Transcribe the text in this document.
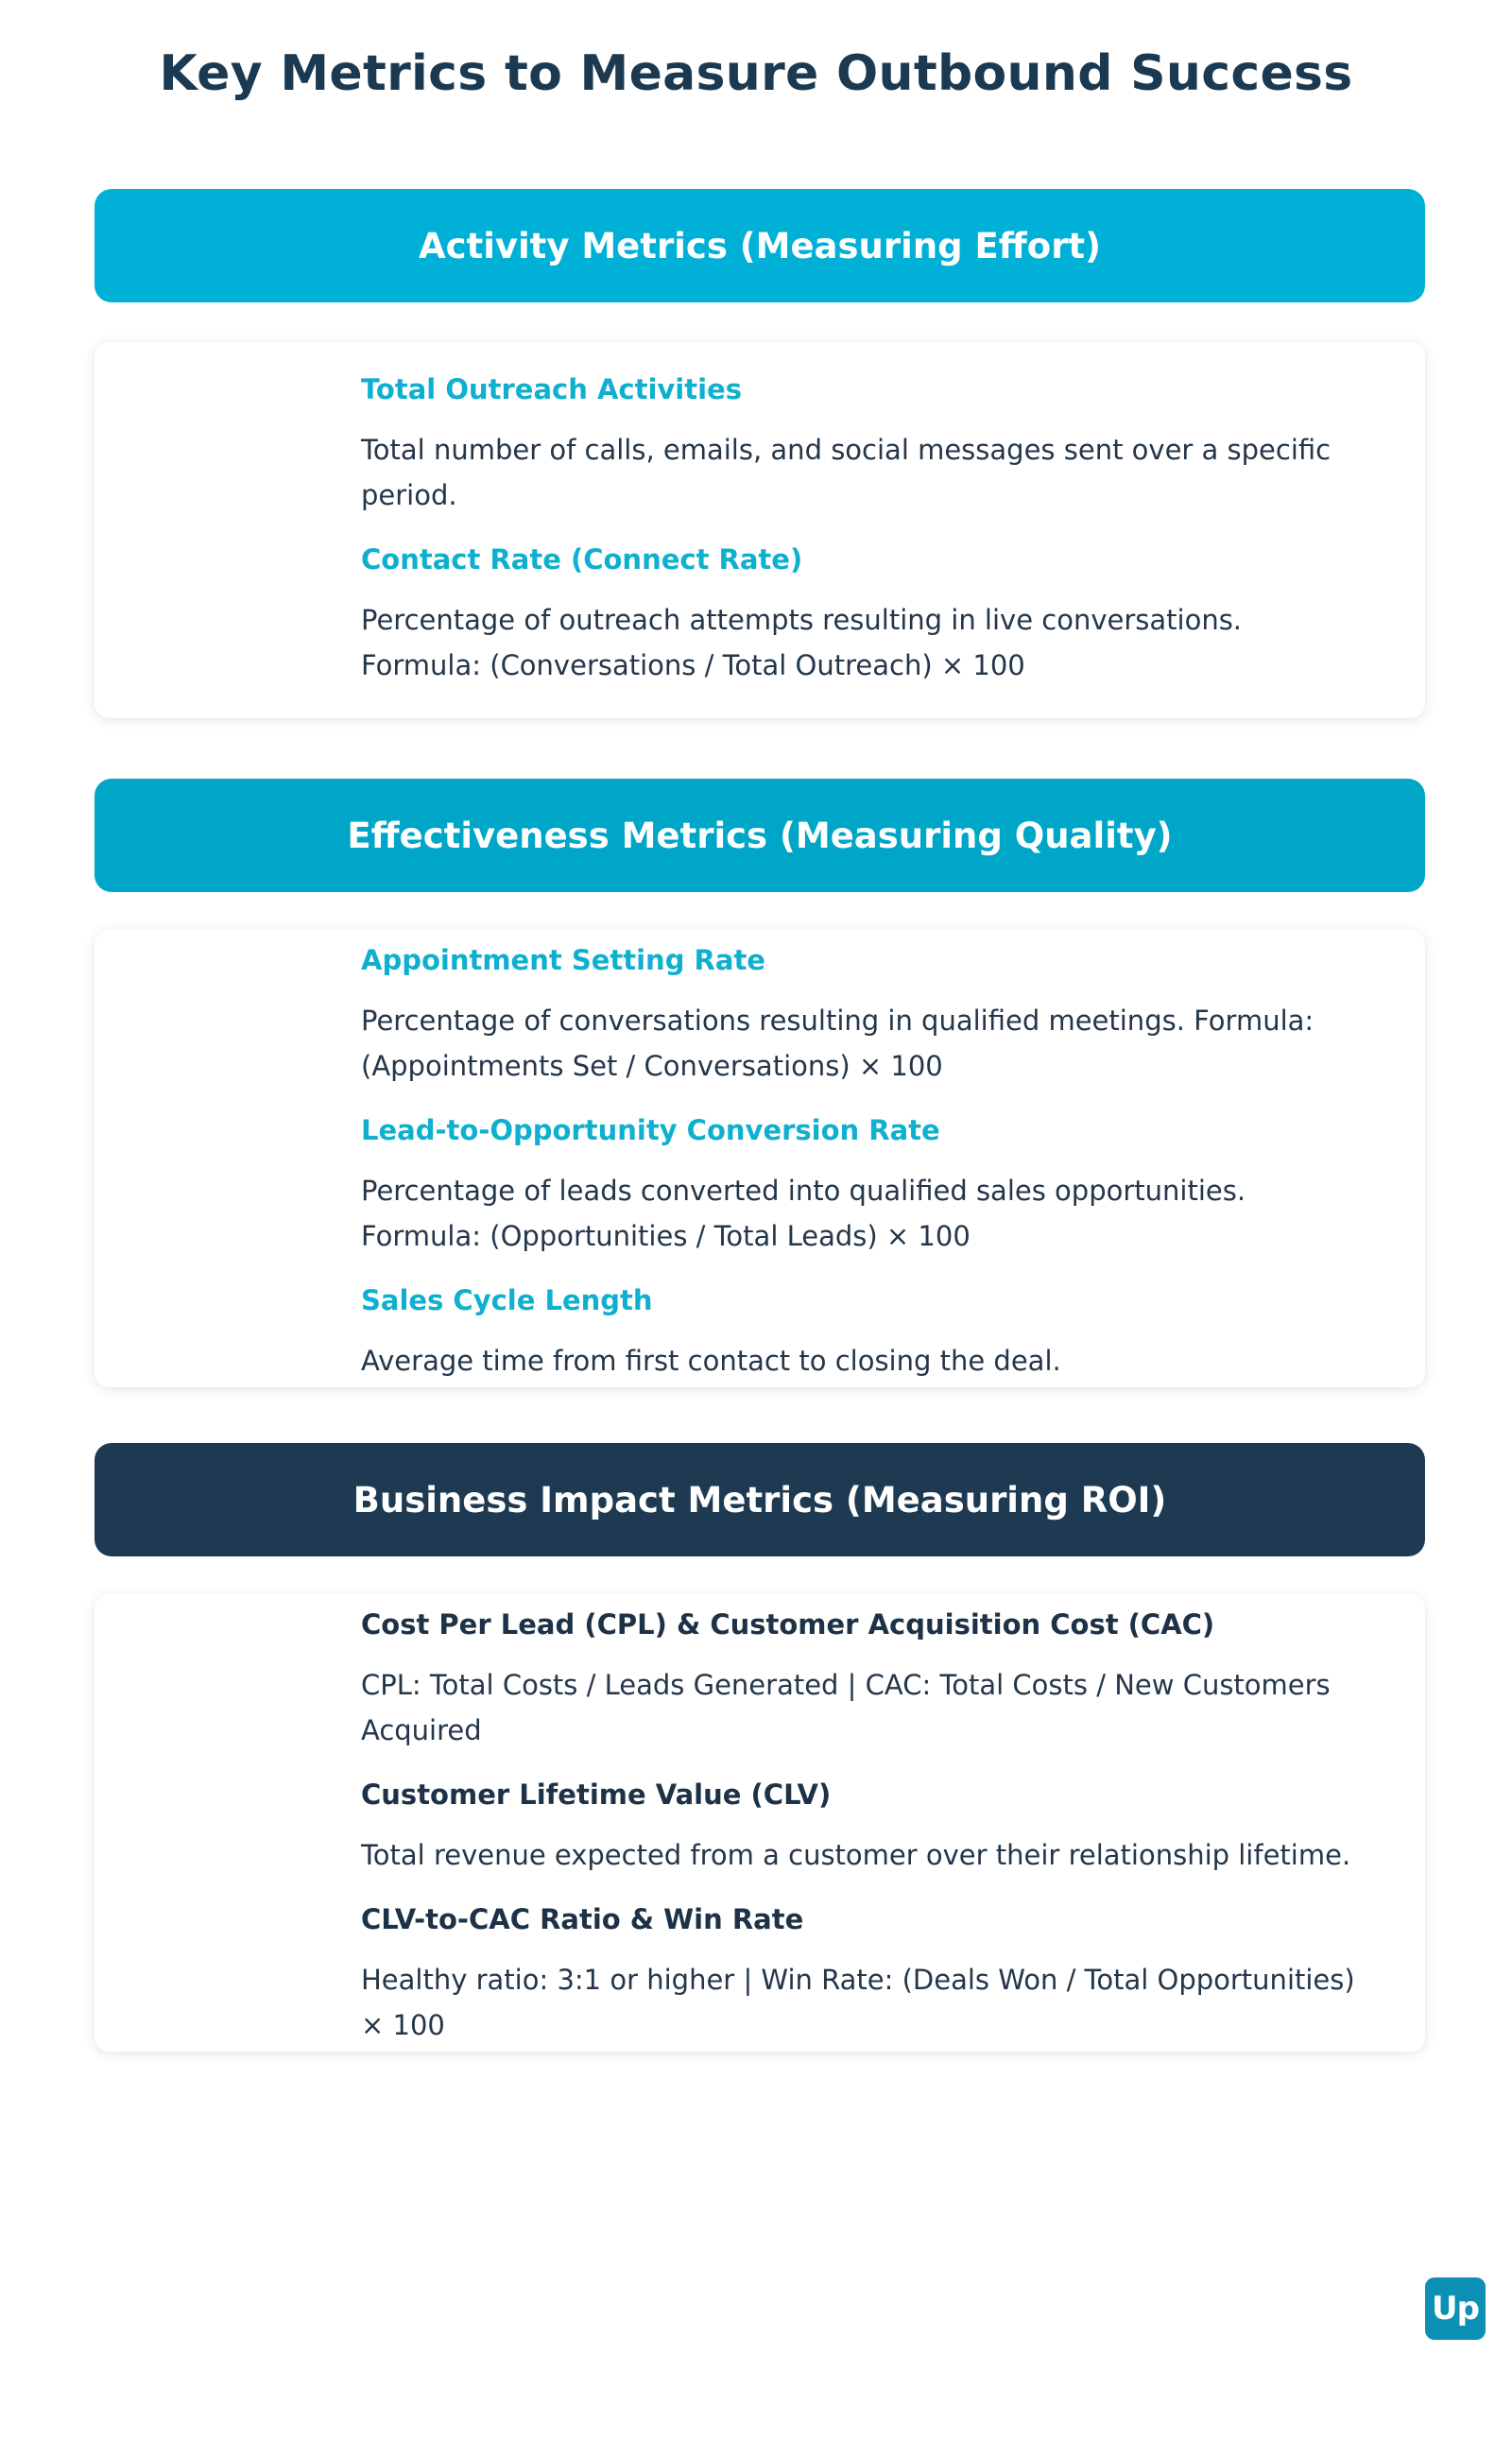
Key Metrics to Measure Outbound Success
Activity Metrics (Measuring Effort)
Total Outreach Activities
Total number of calls, emails, and social messages sent over a specific period.
Contact Rate (Connect Rate)
Percentage of outreach attempts resulting in live conversations. Formula: (Conversations / Total Outreach) × 100
Effectiveness Metrics (Measuring Quality)
Appointment Setting Rate
Percentage of conversations resulting in qualified meetings. Formula: (Appointments Set / Conversations) × 100
Lead-to-Opportunity Conversion Rate
Percentage of leads converted into qualified sales opportunities. Formula: (Opportunities / Total Leads) × 100
Sales Cycle Length
Average time from first contact to closing the deal.
Business Impact Metrics (Measuring ROI)
Cost Per Lead (CPL) & Customer Acquisition Cost (CAC)
CPL: Total Costs / Leads Generated | CAC: Total Costs / New Customers Acquired
Customer Lifetime Value (CLV)
Total revenue expected from a customer over their relationship lifetime.
CLV-to-CAC Ratio & Win Rate
Healthy ratio: 3:1 or higher | Win Rate: (Deals Won / Total Opportunities) × 100
Up
